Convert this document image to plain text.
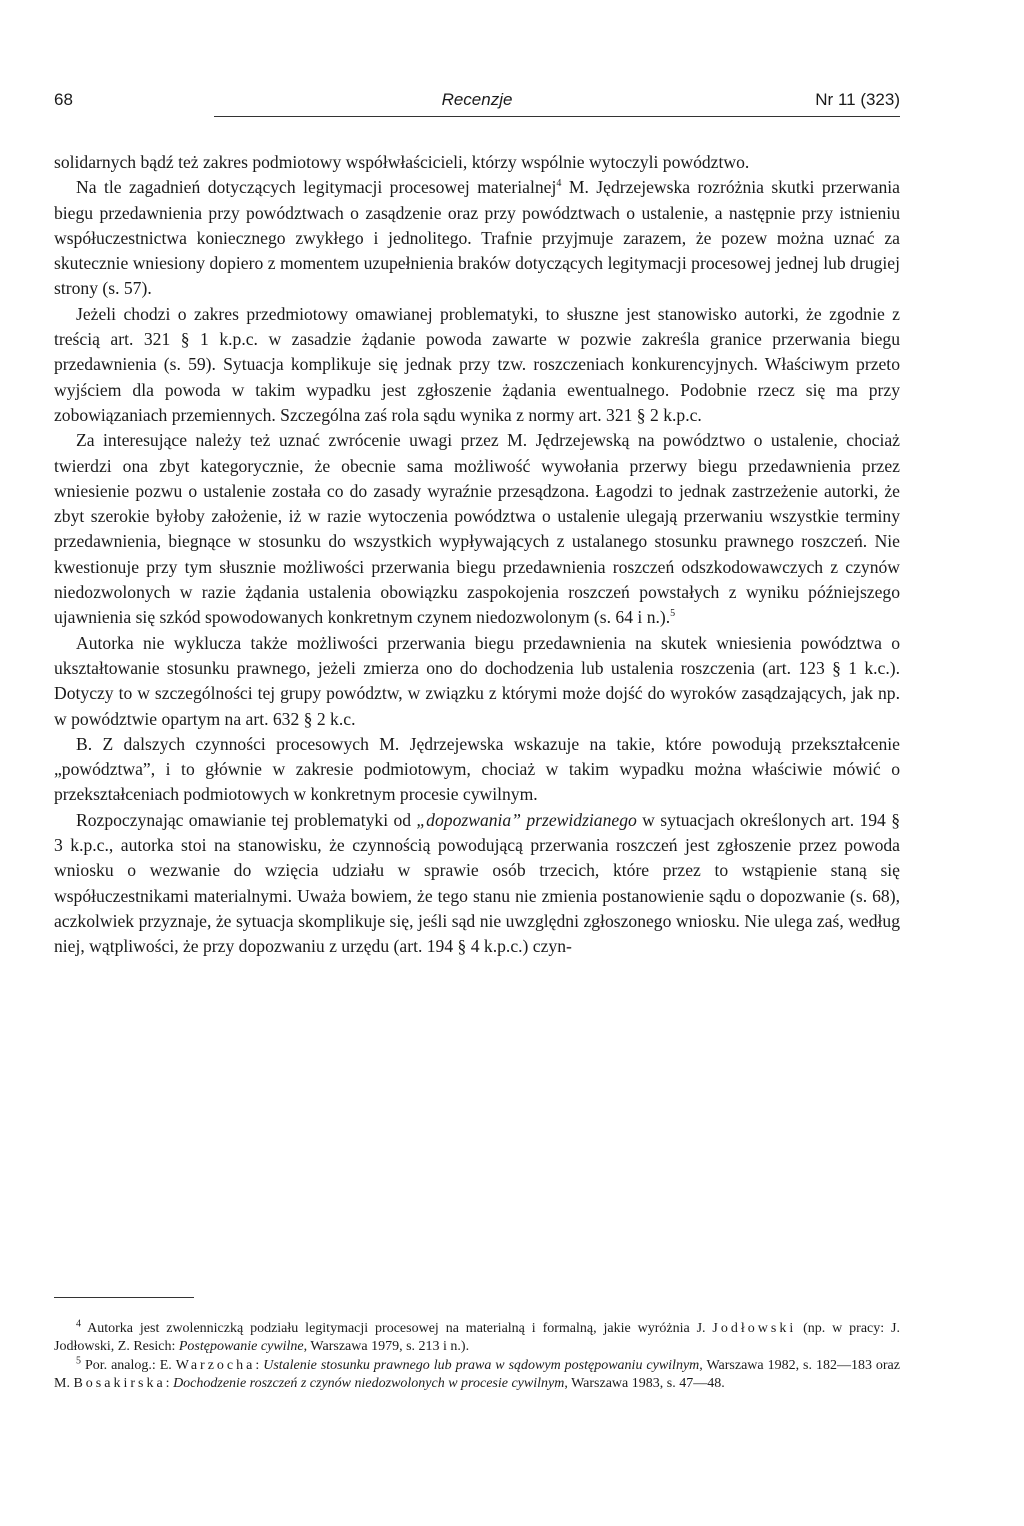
68	Recenzje	Nr 11 (323)

solidarnych bądź też zakres podmiotowy współwłaścicieli, którzy wspólnie wytoczyli powództwo.

Na tle zagadnień dotyczących legitymacji procesowej materialnej$^4$ M. Jędrzejewska rozróżnia skutki przerwania biegu przedawnienia przy powództwach o zasądzenie oraz przy powództwach o ustalenie, a następnie przy istnieniu współuczestnictwa koniecznego zwykłego i jednolitego. Trafnie przyjmuje zarazem, że pozew można uznać za skutecznie wniesiony dopiero z momentem uzupełnienia braków dotyczących legitymacji procesowej jednej lub drugiej strony (s. 57).

Jeżeli chodzi o zakres przedmiotowy omawianej problematyki, to słuszne jest stanowisko autorki, że zgodnie z treścią art. 321 § 1 k.p.c. w zasadzie żądanie powoda zawarte w pozwie zakreśla granice przerwania biegu przedawnienia (s. 59). Sytuacja komplikuje się jednak przy tzw. roszczeniach konkurencyjnych. Właściwym przeto wyjściem dla powoda w takim wypadku jest zgłoszenie żądania ewentualnego. Podobnie rzecz się ma przy zobowiązaniach przemiennych. Szczególna zaś rola sądu wynika z normy art. 321 § 2 k.p.c.

Za interesujące należy też uznać zwrócenie uwagi przez M. Jędrzejewską na powództwo o ustalenie, chociaż twierdzi ona zbyt kategorycznie, że obecnie sama możliwość wywołania przerwy biegu przedawnienia przez wniesienie pozwu o ustalenie została co do zasady wyraźnie przesądzona. Łagodzi to jednak zastrzeżenie autorki, że zbyt szerokie byłoby założenie, iż w razie wytoczenia powództwa o ustalenie ulegają przerwaniu wszystkie terminy przedawnienia, biegnące w stosunku do wszystkich wypływających z ustalanego stosunku prawnego roszczeń. Nie kwestionuje przy tym słusznie możliwości przerwania biegu przedawnienia roszczeń odszkodowawczych z czynów niedozwolonych w razie żądania ustalenia obowiązku zaspokojenia roszczeń powstałych z wyniku późniejszego ujawnienia się szkód spowodowanych konkretnym czynem niedozwolonym (s. 64 i n.).$^5$

Autorka nie wyklucza także możliwości przerwania biegu przedawnienia na skutek wniesienia powództwa o ukształtowanie stosunku prawnego, jeżeli zmierza ono do dochodzenia lub ustalenia roszczenia (art. 123 § 1 k.c.). Dotyczy to w szczególności tej grupy powództw, w związku z którymi może dojść do wyroków zasądzających, jak np. w powództwie opartym na art. 632 § 2 k.c.

B. Z dalszych czynności procesowych M. Jędrzejewska wskazuje na takie, które powodują przekształcenie „powództwa”, i to głównie w zakresie podmiotowym, chociaż w takim wypadku można właściwie mówić o przekształceniach podmiotowych w konkretnym procesie cywilnym.

Rozpoczynając omawianie tej problematyki od „dopozwania” przewidzianego w sytuacjach określonych art. 194 § 3 k.p.c., autorka stoi na stanowisku, że czynnością powodującą przerwania roszczeń jest zgłoszenie przez powoda wniosku o wezwanie do wzięcia udziału w sprawie osób trzecich, które przez to wstąpienie staną się współuczestnikami materialnymi. Uważa bowiem, że tego stanu nie zmienia postanowienie sądu o dopozwanie (s. 68), aczkolwiek przyznaje, że sytuacja skomplikuje się, jeśli sąd nie uwzględni zgłoszonego wniosku. Nie ulega zaś, według niej, wątpliwości, że przy dopozwaniu z urzędu (art. 194 § 4 k.p.c.) czyn-

$^4$ Autorka jest zwolenniczką podziału legitymacji procesowej na materialną i formalną, jakie wyróżnia J. Jodłowski (np. w pracy: J. Jodłowski, Z. Resich: Postępowanie cywilne, Warszawa 1979, s. 213 i n.).

$^5$ Por. analog.: E. Warzocha: Ustalenie stosunku prawnego lub prawa w sądowym postępowaniu cywilnym, Warszawa 1982, s. 182—183 oraz M. Bosakirska: Dochodzenie roszczeń z czynów niedozwolonych w procesie cywilnym, Warszawa 1983, s. 47—48.
